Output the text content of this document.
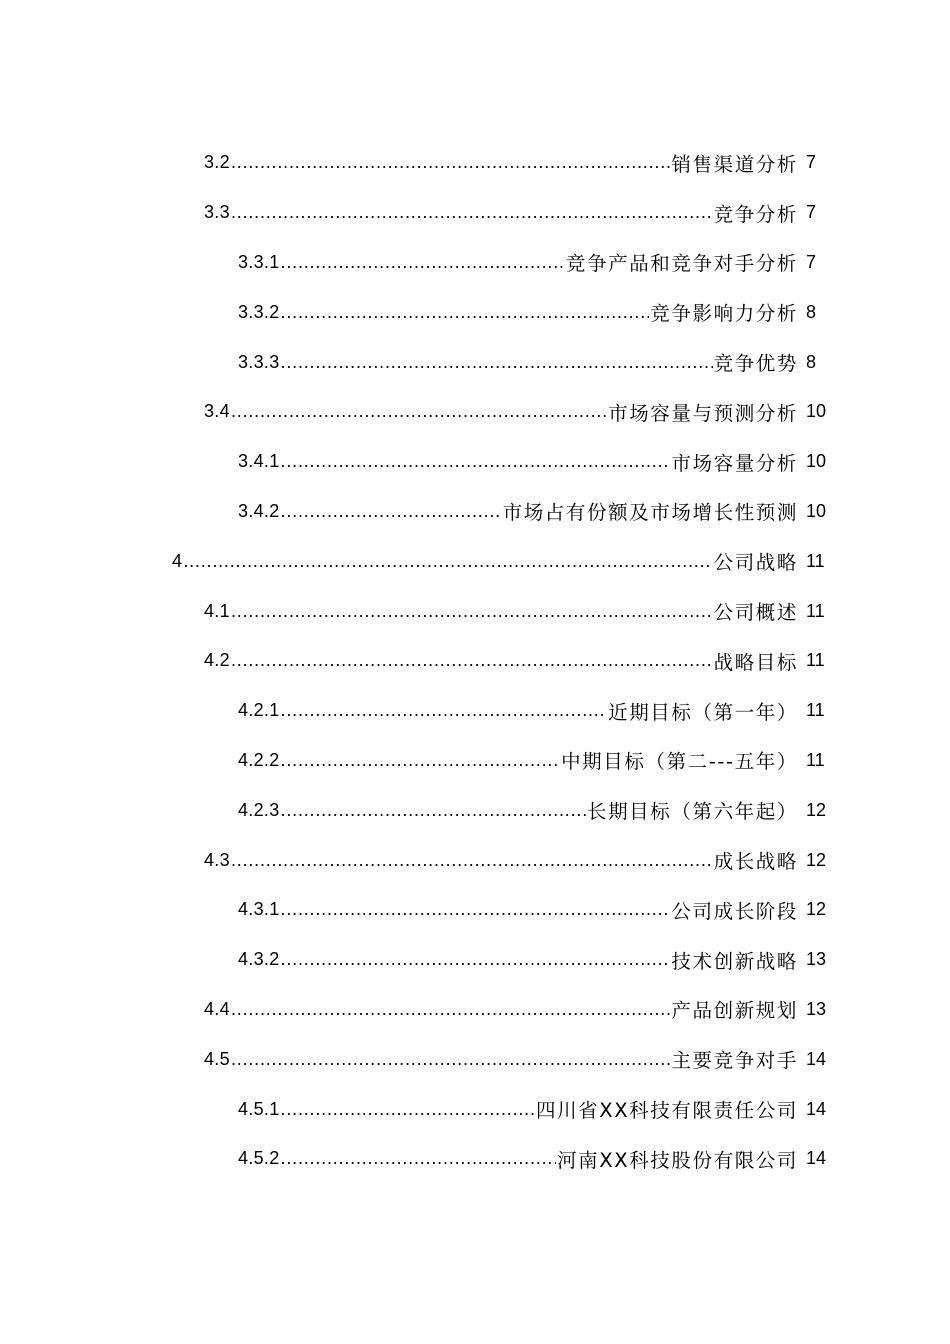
3.2 .....	销售渠道分析 7
3.3 .....	竞争分析 7
3.3.1 .....	竞争产品和竞争对手分析 7
3.3.2 .....	竞争影响力分析 8
3.3.3 .....	竞争优势 8
3.4 .....	市场容量与预测分析 10
3.4.1 .....	市场容量分析 10
3.4.2 .....	市场占有份额及市场增长性预测 10
4 .....	公司战略 11
4.1 .....	公司概述 11
4.2 .....	战略目标 11
4.2.1 .....	近期目标（第一年） 11
4.2.2 .....	中期目标（第二---五年） 11
4.2.3 .....	长期目标（第六年起） 12
4.3 .....	成长战略 12
4.3.1 .....	公司成长阶段 12
4.3.2 .....	技术创新战略 13
4.4 .....	产品创新规划 13
4.5 .....	主要竞争对手 14
4.5.1 .....	四川省XX科技有限责任公司 14
4.5.2 .....	河南XX科技股份有限公司 14
